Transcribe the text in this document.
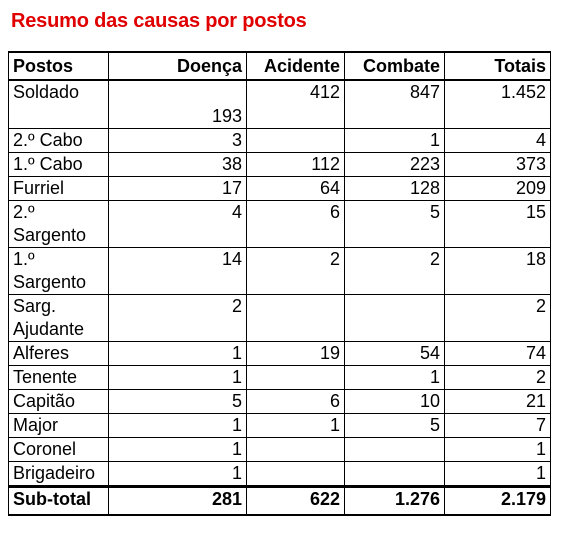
Resumo das causas por postos
Postos	Doença	Acidente	Combate	Totais
Soldado	193	412	847	1.452
2.º Cabo	3		1	4
1.º Cabo	38	112	223	373
Furriel	17	64	128	209
2.º Sargento	4	6	5	15
1.º Sargento	14	2	2	18
Sarg. Ajudante	2			2
Alferes	1	19	54	74
Tenente	1		1	2
Capitão	5	6	10	21
Major	1	1	5	7
Coronel	1			1
Brigadeiro	1			1
Sub-total	281	622	1.276	2.179
